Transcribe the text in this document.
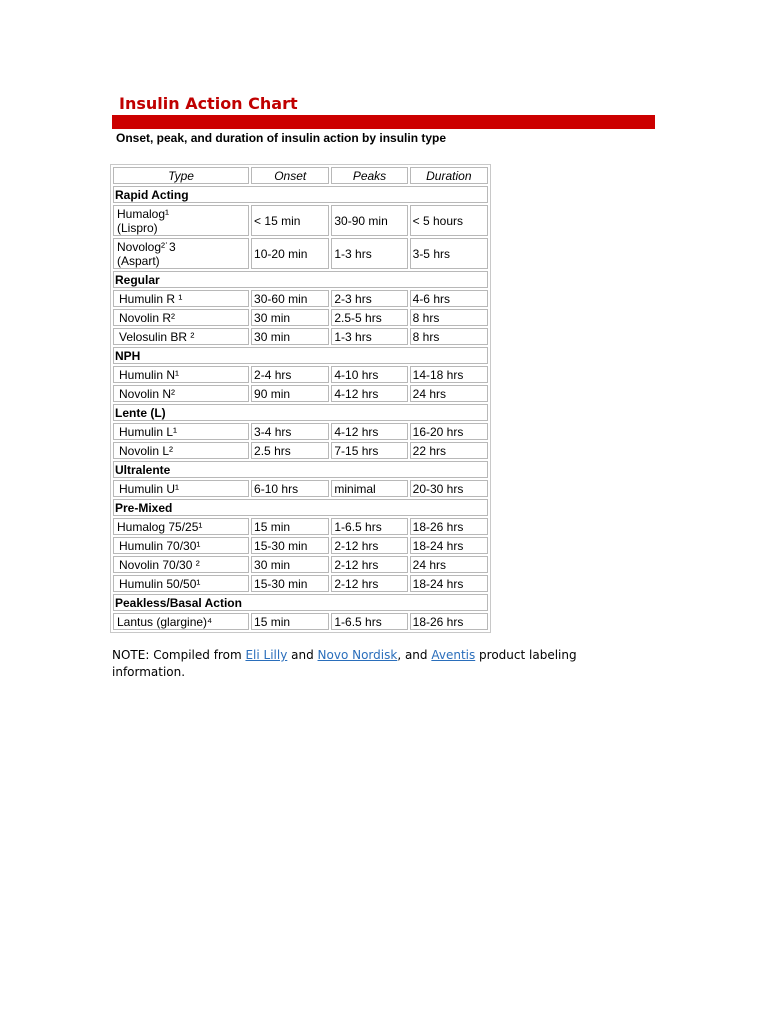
Insulin Action Chart

Onset, peak, and duration of insulin action by insulin type

Type	Onset	Peaks	Duration
Rapid Acting			

Humalog¹
(Lispro)	< 15 min	30-90 min	< 5 hours

Novolog²˙3
(Aspart)	10-20 min	1-3 hrs	3-5 hrs
Regular			
Humulin R ¹	30-60 min	2-3 hrs	4-6 hrs
Novolin R²	30 min	2.5-5 hrs	8 hrs
Velosulin BR ²	30 min	1-3 hrs	8 hrs
NPH			
Humulin N¹	2-4 hrs	4-10 hrs	14-18 hrs
Novolin N²	90 min	4-12 hrs	24 hrs
Lente (L)			
Humulin L¹	3-4 hrs	4-12 hrs	16-20 hrs
Novolin L²	2.5 hrs	7-15 hrs	22 hrs
Ultralente			
Humulin U¹	6-10 hrs	minimal	20-30 hrs
Pre-Mixed			
Humalog 75/25¹	15 min	1-6.5 hrs	18-26 hrs
Humulin 70/30¹	15-30 min	2-12 hrs	18-24 hrs
Novolin 70/30 ²	30 min	2-12 hrs	24 hrs
Humulin 50/50¹	15-30 min	2-12 hrs	18-24 hrs
Peakless/Basal Action			
Lantus (glargine)⁴	15 min	1-6.5 hrs	18-26 hrs

NOTE: Compiled from Eli Lilly and Novo Nordisk, and Aventis product labeling information.
